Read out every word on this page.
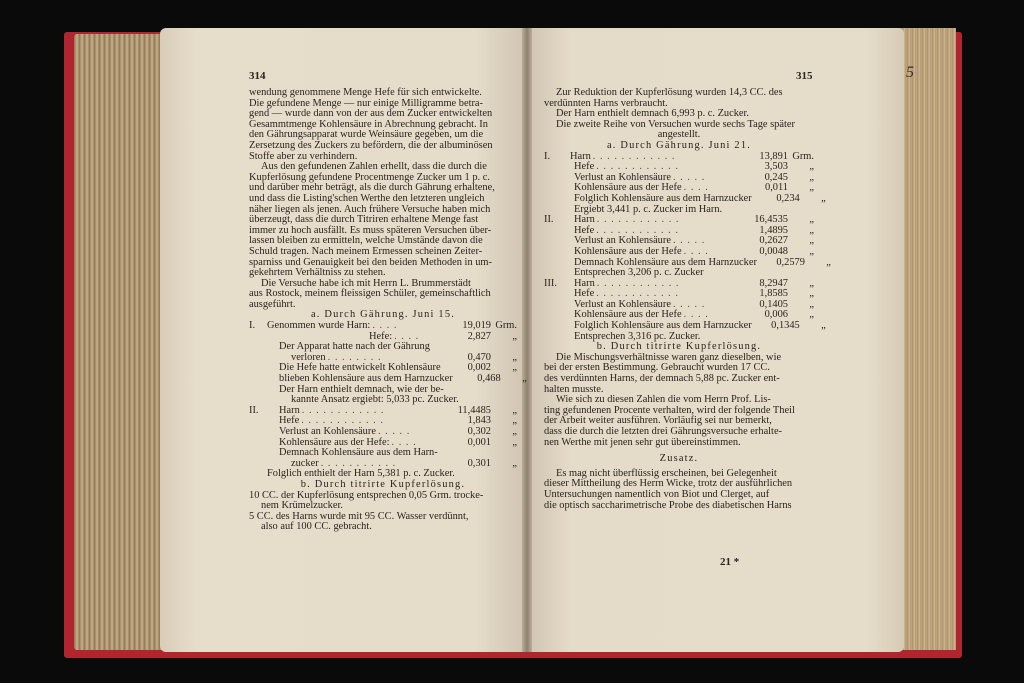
314	315	5
wendung genommene Menge Hefe für sich entwickelte.
Die gefundene Menge — nur einige Milligramme betra-
gend — wurde dann von der aus dem Zucker entwickelten
Gesammtmenge Kohlensäure in Abrechnung gebracht. In
den Gährungsapparat wurde Weinsäure gegeben, um die
Zersetzung des Zuckers zu befördern, die der albuminösen
Stoffe aber zu verhindern.
Aus den gefundenen Zahlen erhellt, dass die durch die
Kupferlösung gefundene Procentmenge Zucker um 1 p. c.
und darüber mehr beträgt, als die durch Gährung erhaltene,
und dass die Listing'schen Werthe den letzteren ungleich
näher liegen als jenen. Auch frühere Versuche haben mich
überzeugt, dass die durch Titriren erhaltene Menge fast
immer zu hoch ausfällt. Es muss späteren Versuchen über-
lassen bleiben zu ermitteln, welche Umstände davon die
Schuld tragen. Nach meinem Ermessen scheinen Zeiter-
sparniss und Genauigkeit bei den beiden Methoden in um-
gekehrtem Verhältniss zu stehen.
Die Versuche habe ich mit Herrn L. Brummerstädt
aus Rostock, meinem fleissigen Schüler, gemeinschaftlich
ausgeführt.
a. Durch Gährung. Juni 15.
I.	Genommen wurde Harn: . . . .	19,019 Grm.
Hefe: . . . .	2,827	„
Der Apparat hatte nach der Gährung
verloren . . . . . . . .	0,470	„
Die Hefe hatte entwickelt Kohlensäure	0,002	„
blieben Kohlensäure aus dem Harnzucker	0,468	„
Der Harn enthielt demnach, wie der be-
kannte Ansatz ergiebt: 5,033 pc. Zucker.
II.	Harn . . . . . . . . . . . .	11,4485	„
Hefe . . . . . . . . . . . .	1,843	„
Verlust an Kohlensäure . . . . .	0,302	„
Kohlensäure aus der Hefe: . . . .	0,001	„
Demnach Kohlensäure aus dem Harn-
zucker . . . . . . . . . . .	0,301	„
Folglich enthielt der Harn 5,381 p. c. Zucker.
b. Durch titrirte Kupferlösung.
10 CC. der Kupferlösung entsprechen 0,05 Grm. trocke-
nem Krümelzucker.
5 CC. des Harns wurde mit 95 CC. Wasser verdünnt,
also auf 100 CC. gebracht.
Zur Reduktion der Kupferlösung wurden 14,3 CC. des
verdünnten Harns verbraucht.
Der Harn enthielt demnach 6,993 p. c. Zucker.
Die zweite Reihe von Versuchen wurde sechs Tage später
angestellt.
a. Durch Gährung. Juni 21.
I.	Harn . . . . . . . . . . . .	13,891 Grm.
Hefe . . . . . . . . . . . .	3,503	„
Verlust an Kohlensäure . . . . .	0,245	„
Kohlensäure aus der Hefe . . . .	0,011	„
Folglich Kohlensäure aus dem Harnzucker	0,234	„
Ergiebt 3,441 p. c. Zucker im Harn.
II.	Harn . . . . . . . . . . . .	16,4535	„
Hefe . . . . . . . . . . . .	1,4895	„
Verlust an Kohlensäure . . . . .	0,2627	„
Kohlensäure aus der Hefe . . . .	0,0048	„
Demnach Kohlensäure aus dem Harnzucker	0,2579	„
Entsprechen 3,206 p. c. Zucker
III.	Harn . . . . . . . . . . . .	8,2947	„
Hefe . . . . . . . . . . . .	1,8585	„
Verlust an Kohlensäure . . . . .	0,1405	„
Kohlensäure aus der Hefe . . . .	0,006	„
Folglich Kohlensäure aus dem Harnzucker	0,1345	„
Entsprechen 3,316 pc. Zucker.
b. Durch titrirte Kupferlösung.
Die Mischungsverhältnisse waren ganz dieselben, wie
bei der ersten Bestimmung. Gebraucht wurden 17 CC.
des verdünnten Harns, der demnach 5,88 pc. Zucker ent-
halten musste.
Wie sich zu diesen Zahlen die vom Herrn Prof. Lis-
ting gefundenen Procente verhalten, wird der folgende Theil
der Arbeit weiter ausführen. Vorläufig sei nur bemerkt,
dass die durch die letzten drei Gährungsversuche erhalte-
nen Werthe mit jenen sehr gut übereinstimmen.
Zusatz.
Es mag nicht überflüssig erscheinen, bei Gelegenheit
dieser Mittheilung des Herrn Wicke, trotz der ausführlichen
Untersuchungen namentlich von Biot und Clerget, auf
die optisch saccharimetrische Probe des diabetischen Harns
21 *
